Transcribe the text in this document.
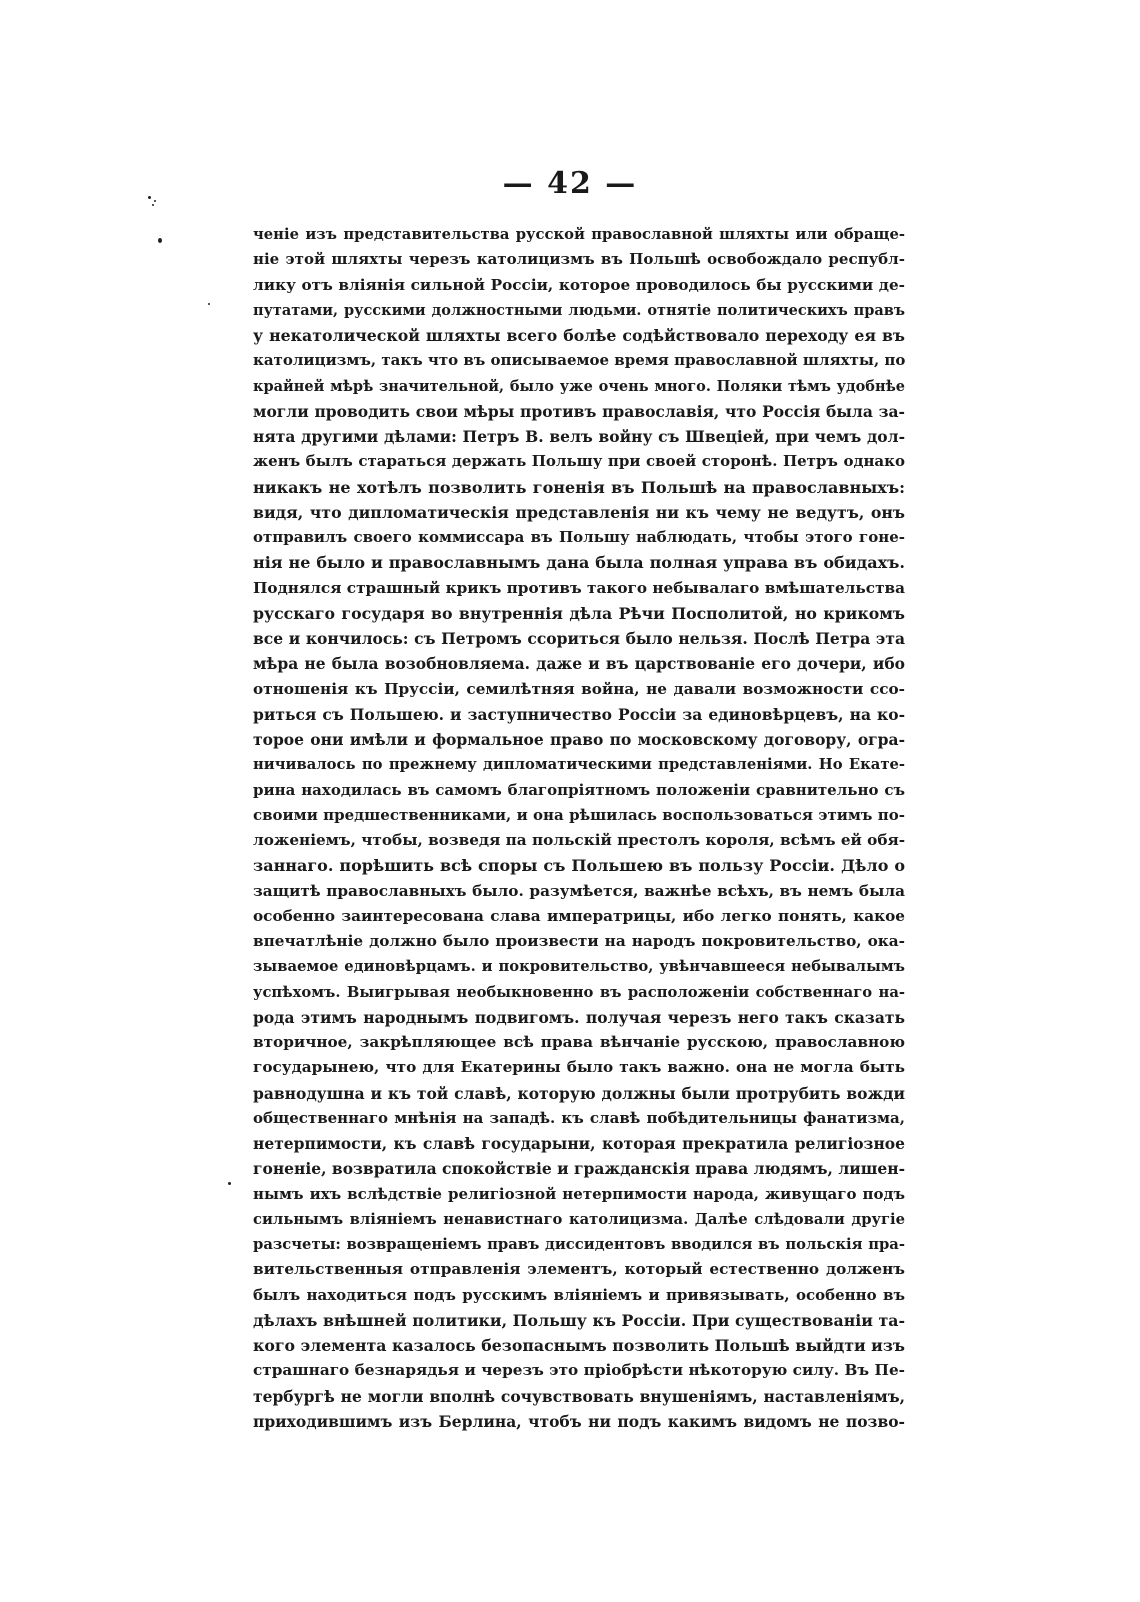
— 42 —
ченіе изъ представительства русской православной шляхты или обраще-
ніе этой шляхты черезъ католицизмъ въ Польшѣ освобождало республ-
лику отъ вліянія сильной Россіи, которое проводилось бы русскими де-
путатами, русскими должностными людьми. отнятіе политическихъ правъ
у некатолической шляхты всего болѣе содѣйствовало переходу ея въ
католицизмъ, такъ что въ описываемое время православной шляхты, по
крайней мѣрѣ значительной, было уже очень много. Поляки тѣмъ удобнѣе
могли проводить свои мѣры противъ православія, что Россія была за-
нята другими дѣлами: Петръ В. велъ войну съ Швеціей, при чемъ дол-
женъ былъ стараться держать Польшу при своей сторонѣ. Петръ однако
никакъ не хотѣлъ позволить гоненія въ Польшѣ на православныхъ:
видя, что дипломатическія представленія ни къ чему не ведутъ, онъ
отправилъ своего коммиссара въ Польшу наблюдать, чтобы этого гоне-
нія не было и православнымъ дана была полная управа въ обидахъ.
Поднялся страшный крикъ противъ такого небывалаго вмѣшательства
русскаго государя во внутреннія дѣла Рѣчи Посполитой, но крикомъ
все и кончилось: съ Петромъ ссориться было нельзя. Послѣ Петра эта
мѣра не была возобновляема. даже и въ царствованіе его дочери, ибо
отношенія къ Пруссіи, семилѣтняя война, не давали возможности ссо-
риться съ Польшею. и заступничество Россіи за единовѣрцевъ, на ко-
торое они имѣли и формальное право по московскому договору, огра-
ничивалось по прежнему дипломатическими представленіями. Но Екате-
рина находилась въ самомъ благопріятномъ положеніи сравнительно съ
своими предшественниками, и она рѣшилась воспользоваться этимъ по-
ложеніемъ, чтобы, возведя па польскій престолъ короля, всѣмъ ей обя-
заннаго. порѣшить всѣ споры съ Польшею въ пользу Россіи. Дѣло о
защитѣ православныхъ было. разумѣется, важнѣе всѣхъ, въ немъ была
особенно заинтересована слава императрицы, ибо легко понять, какое
впечатлѣніе должно было произвести на народъ покровительство, ока-
зываемое единовѣрцамъ. и покровительство, увѣнчавшееся небывалымъ
успѣхомъ. Выигрывая необыкновенно въ расположеніи собственнаго на-
рода этимъ народнымъ подвигомъ. получая черезъ него такъ сказать
вторичное, закрѣпляющее всѣ права вѣнчаніе русскою, православною
государынею, что для Екатерины было такъ важно. она не могла быть
равнодушна и къ той славѣ, которую должны были протрубить вожди
общественнаго мнѣнія на западѣ. къ славѣ побѣдительницы фанатизма,
нетерпимости, къ славѣ государыни, которая прекратила религіозное
гоненіе, возвратила спокойствіе и гражданскія права людямъ, лишен-
нымъ ихъ вслѣдствіе религіозной нетерпимости народа, живущаго подъ
сильнымъ вліяніемъ ненавистнаго католицизма. Далѣе слѣдовали другіе
разсчеты: возвращеніемъ правъ диссидентовъ вводился въ польскія пра-
вительственныя отправленія элементъ, который естественно долженъ
былъ находиться подъ русскимъ вліяніемъ и привязывать, особенно въ
дѣлахъ внѣшней политики, Польшу къ Россіи. При существованіи та-
кого элемента казалось безопаснымъ позволить Польшѣ выйдти изъ
страшнаго безнарядья и черезъ это пріобрѣсти нѣкоторую силу. Въ Пе-
тербургѣ не могли вполнѣ сочувствовать внушеніямъ, наставленіямъ,
приходившимъ изъ Берлина, чтобъ ни подъ какимъ видомъ не позво-
